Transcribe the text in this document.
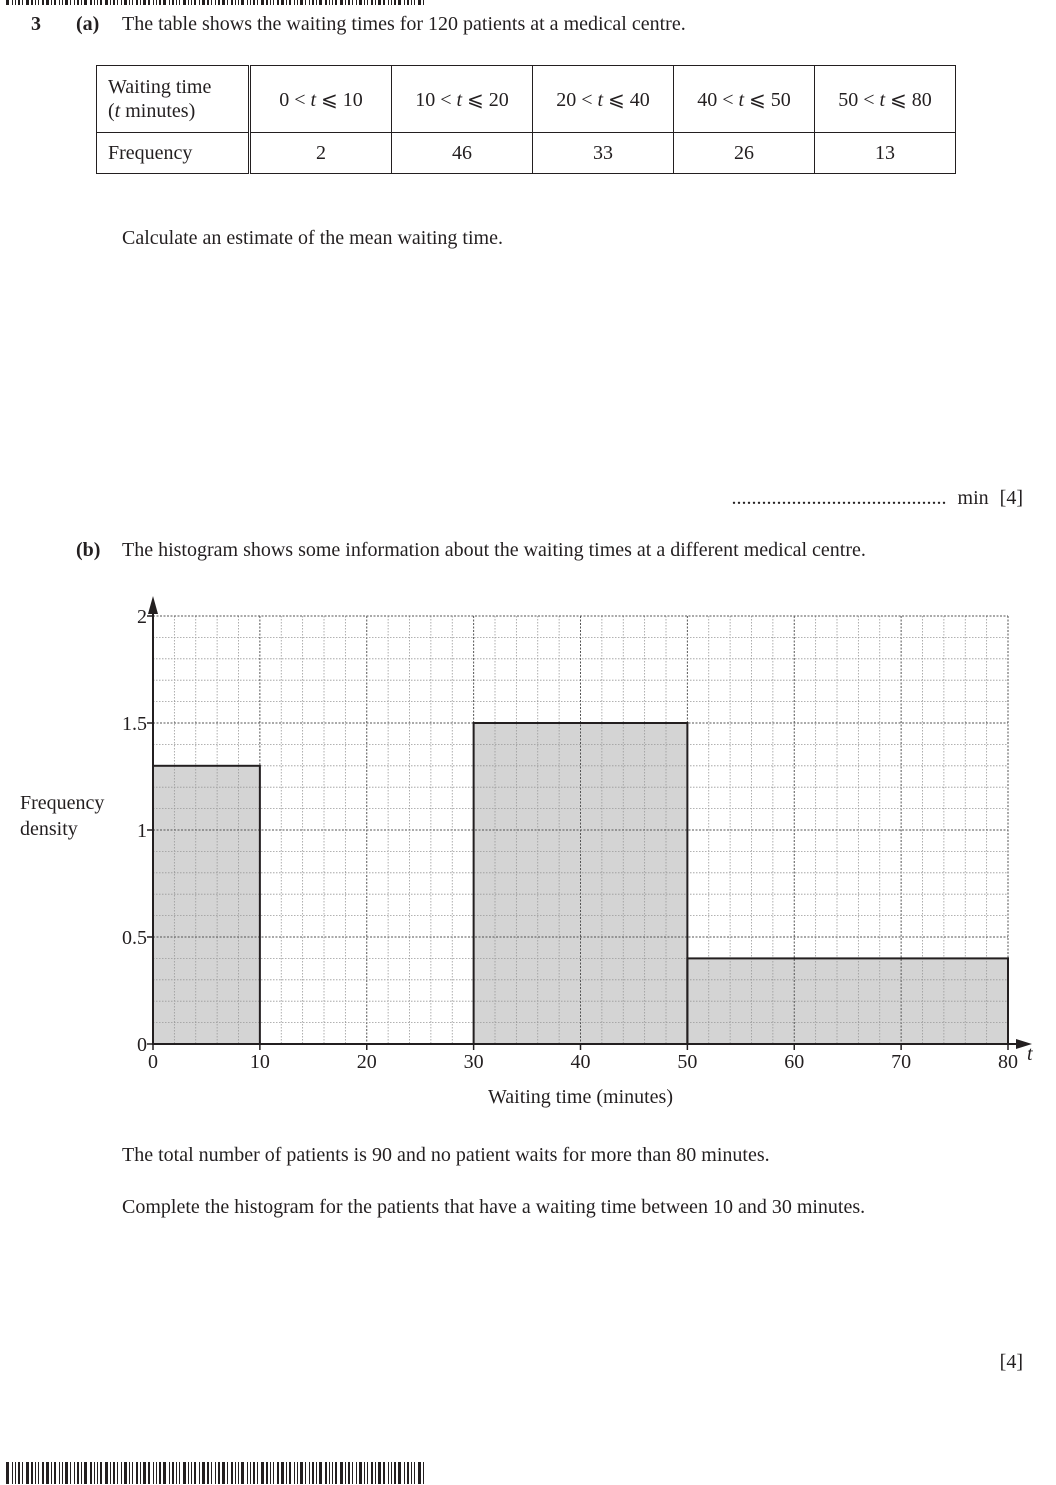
3 (a) The table shows the waiting times for 120 patients at a medical centre.
Waiting time
(t minutes)	0 < t ⩽ 10	10 < t ⩽ 20	20 < t ⩽ 40	40 < t ⩽ 50	50 < t ⩽ 80
Frequency	2	46	33	26	13
Calculate an estimate of the mean waiting time.
........................................... min [4]
(b) The histogram shows some information about the waiting times at a different medical centre.
0	10	20	30	40	50	60	70	80
0
0.5
1
1.5
2
t
Waiting time (minutes)
Frequency
density
The total number of patients is 90 and no patient waits for more than 80 minutes.
Complete the histogram for the patients that have a waiting time between 10 and 30 minutes.
[4]
